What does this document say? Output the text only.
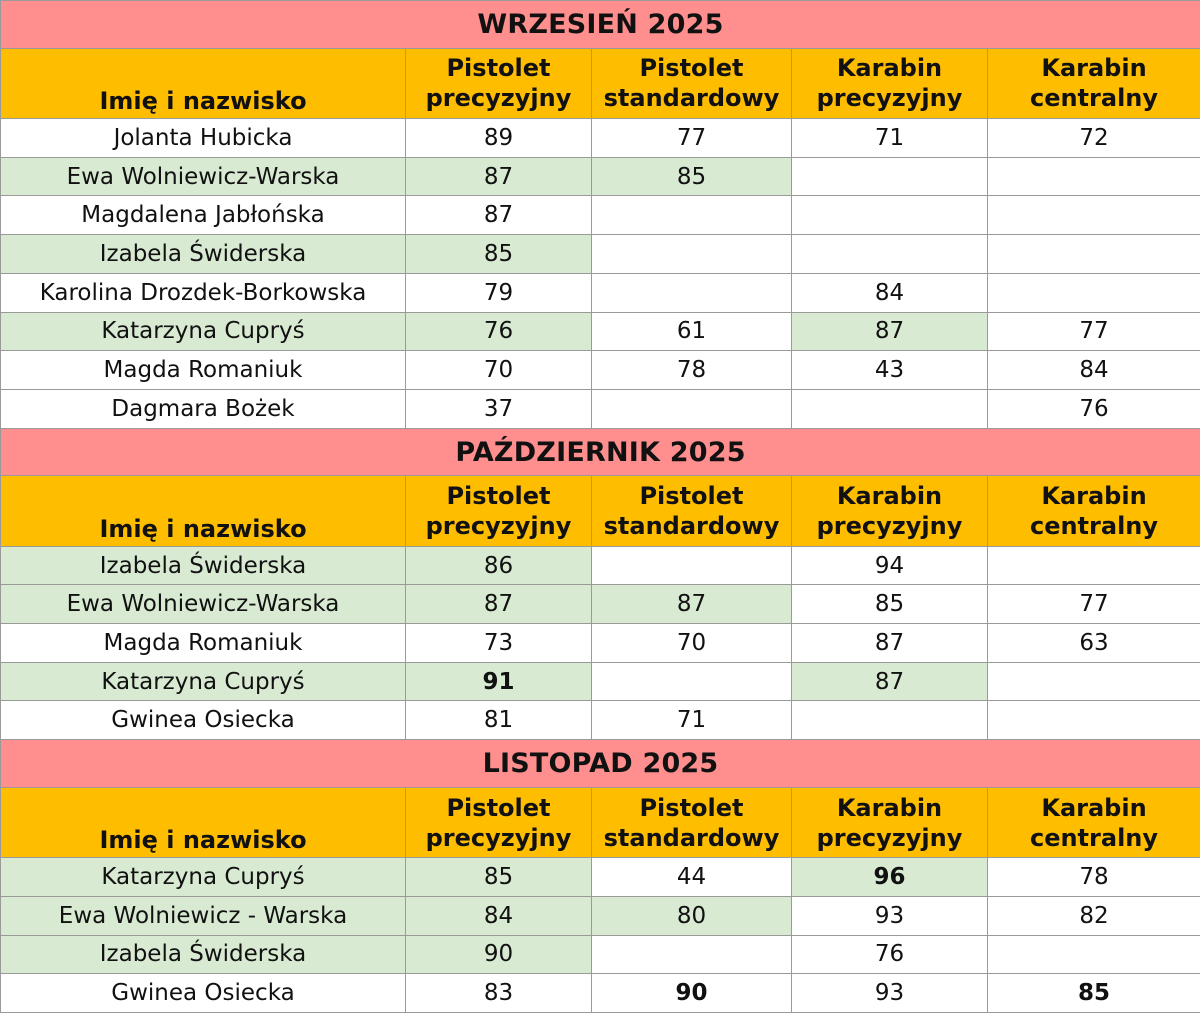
WRZESIEŃ 2025				
Imię i nazwisko	Pistolet precyzyjny	Pistolet standardowy	Karabin precyzyjny	Karabin centralny
Jolanta Hubicka	89	77	71	72
Ewa Wolniewicz-Warska	87	85		
Magdalena Jabłońska	87			
Izabela Świderska	85			
Karolina Drozdek-Borkowska	79		84	
Katarzyna Cupryś	76	61	87	77
Magda Romaniuk	70	78	43	84
Dagmara Bożek	37			76
PAŹDZIERNIK 2025				
Imię i nazwisko	Pistolet precyzyjny	Pistolet standardowy	Karabin precyzyjny	Karabin centralny
Izabela Świderska	86		94	
Ewa Wolniewicz-Warska	87	87	85	77
Magda Romaniuk	73	70	87	63
Katarzyna Cupryś	91		87	
Gwinea Osiecka	81	71		
LISTOPAD 2025				
Imię i nazwisko	Pistolet precyzyjny	Pistolet standardowy	Karabin precyzyjny	Karabin centralny
Katarzyna Cupryś	85	44	96	78
Ewa Wolniewicz - Warska	84	80	93	82
Izabela Świderska	90		76	
Gwinea Osiecka	83	90	93	85
